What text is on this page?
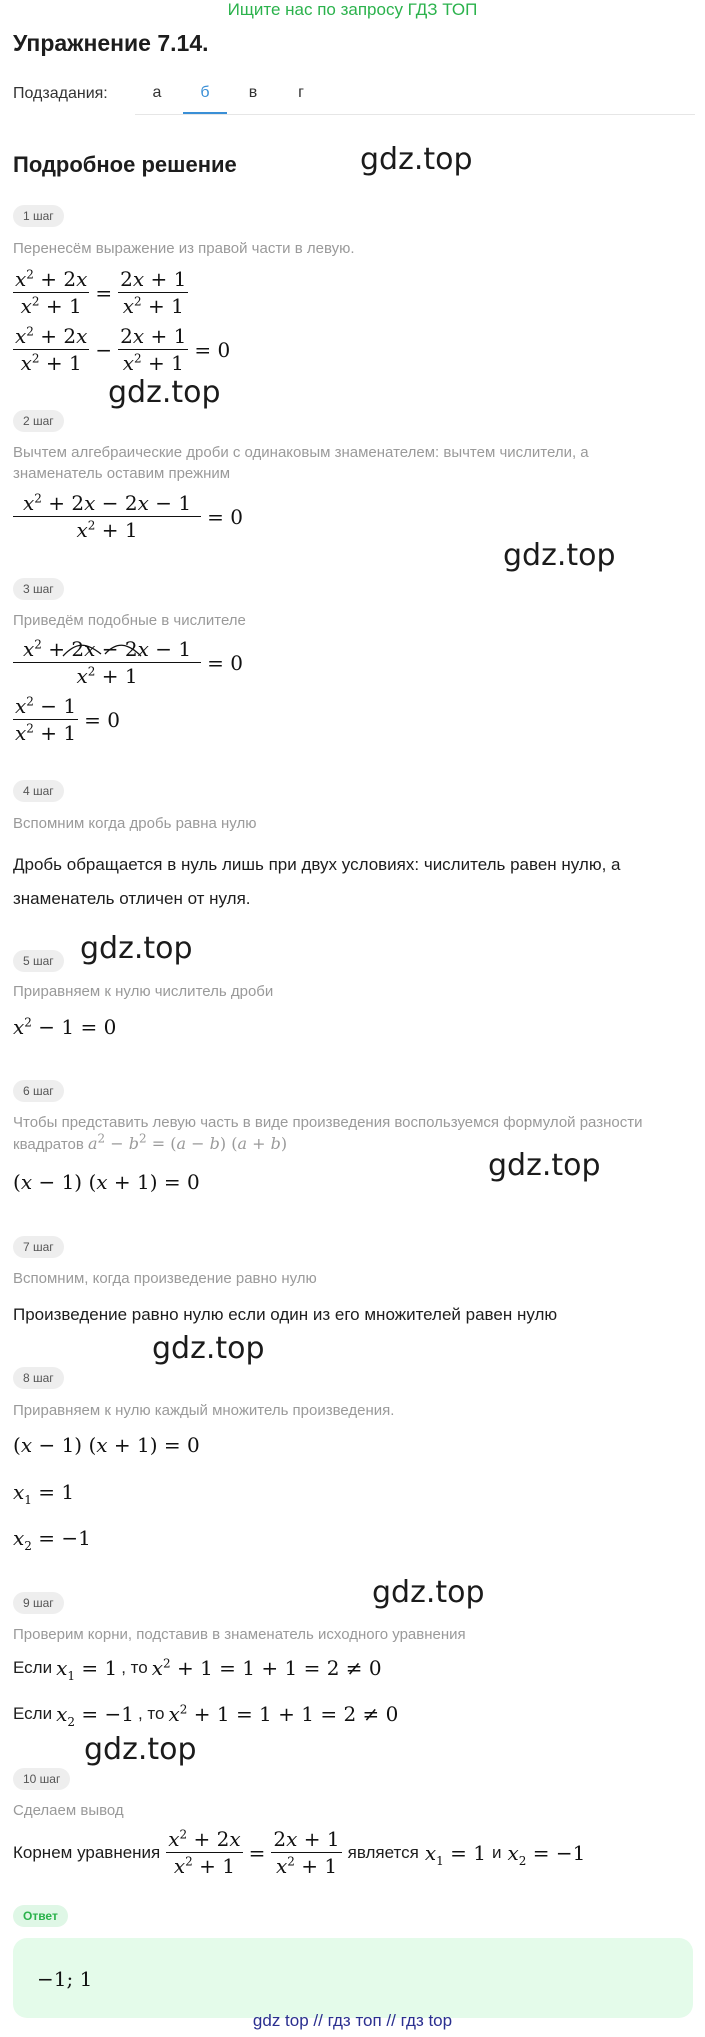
Ищите нас по запросу ГДЗ ТОП
Упражнение 7.14.
Подзадания:	а	б	в	г
Подробное решение	gdz.top
gdz.top
gdz.top
gdz.top
gdz.top
gdz.top
gdz.top
gdz.top
1 шаг
Перенесём выражение из правой части в левую.
$\frac{x^2 + 2x}{x^2 + 1} = \frac{2x + 1}{x^2 + 1}$
$\frac{x^2 + 2x}{x^2 + 1} - \frac{2x + 1}{x^2 + 1} = 0$
2 шаг
Вычтем алгебраические дроби с одинаковым знаменателем: вычтем числители, а знаменатель оставим прежним
$\frac{x^2 + 2x - 2x - 1}{x^2 + 1} = 0$
3 шаг
Приведём подобные в числителе
$\frac{x^2 + 2x - 2x - 1}{x^2 + 1} = 0$
$\frac{x^2 - 1}{x^2 + 1} = 0$
4 шаг
Вспомним когда дробь равна нулю
Дробь обращается в нуль лишь при двух условиях: числитель равен нулю, а знаменатель отличен от нуля.
5 шаг
Приравняем к нулю числитель дроби
$x^2 - 1 = 0$
6 шаг
Чтобы представить левую часть в виде произведения воспользуемся формулой разности квадратов $a^2 - b^2 = (a - b) (a + b)$
(x − 1) (x + 1) = 0
7 шаг
Вспомним, когда произведение равно нулю
Произведение равно нулю если один из его множителей равен нулю
8 шаг
Приравняем к нулю каждый множитель произведения.
(x − 1) (x + 1) = 0
$x_1 = 1$
$x_2 = -1$
9 шаг
Проверим корни, подставив в знаменатель исходного уравнения
Если $x_1 = 1$ , то $x^2 + 1 = 1 + 1 = 2 \ne 0$
Если $x_2 = -1$ , то $x^2 + 1 = 1 + 1 = 2 \ne 0$
10 шаг
Сделаем вывод
Корнем уравнения $\frac{x^2 + 2x}{x^2 + 1} = \frac{2x + 1}{x^2 + 1}$ является $x_1 = 1$ и $x_2 = -1$
Ответ
−1; 1
gdz top // гдз топ // гдз top
